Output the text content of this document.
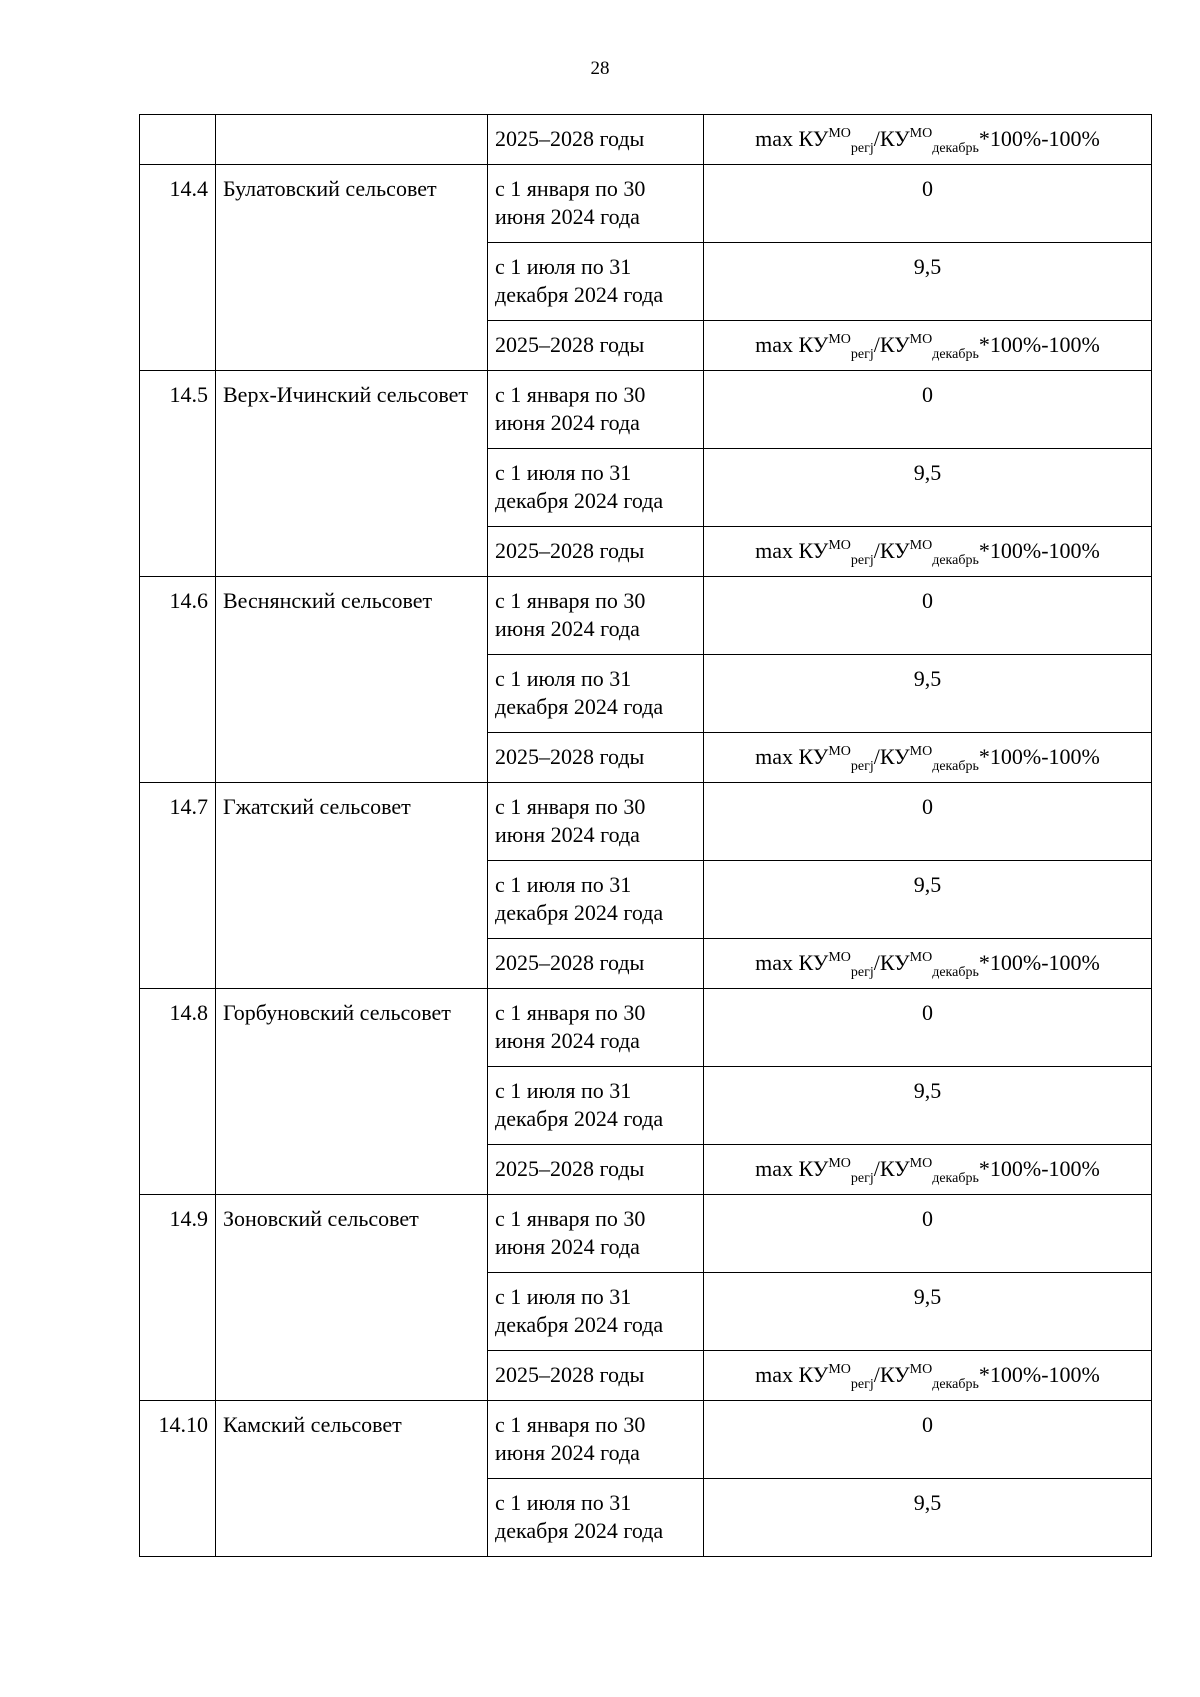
28
		2025–2028 годы	$\max КУ^{МО}_{регj}/КУ^{МО}_{декабрь}*100\%-100\%$
14.4	Булатовский сельсовет	с 1 января по 30 июня 2024 года	0
		с 1 июля по 31 декабря 2024 года	9,5
		2025–2028 годы	$\max КУ^{МО}_{регj}/КУ^{МО}_{декабрь}*100\%-100\%$
14.5	Верх-Ичинский сельсовет	с 1 января по 30 июня 2024 года	0
		с 1 июля по 31 декабря 2024 года	9,5
		2025–2028 годы	$\max КУ^{МО}_{регj}/КУ^{МО}_{декабрь}*100\%-100\%$
14.6	Веснянский сельсовет	с 1 января по 30 июня 2024 года	0
		с 1 июля по 31 декабря 2024 года	9,5
		2025–2028 годы	$\max КУ^{МО}_{регj}/КУ^{МО}_{декабрь}*100\%-100\%$
14.7	Гжатский сельсовет	с 1 января по 30 июня 2024 года	0
		с 1 июля по 31 декабря 2024 года	9,5
		2025–2028 годы	$\max КУ^{МО}_{регj}/КУ^{МО}_{декабрь}*100\%-100\%$
14.8	Горбуновский сельсовет	с 1 января по 30 июня 2024 года	0
		с 1 июля по 31 декабря 2024 года	9,5
		2025–2028 годы	$\max КУ^{МО}_{регj}/КУ^{МО}_{декабрь}*100\%-100\%$
14.9	Зоновский сельсовет	с 1 января по 30 июня 2024 года	0
		с 1 июля по 31 декабря 2024 года	9,5
		2025–2028 годы	$\max КУ^{МО}_{регj}/КУ^{МО}_{декабрь}*100\%-100\%$
14.10	Камский сельсовет	с 1 января по 30 июня 2024 года	0
		с 1 июля по 31 декабря 2024 года	9,5
